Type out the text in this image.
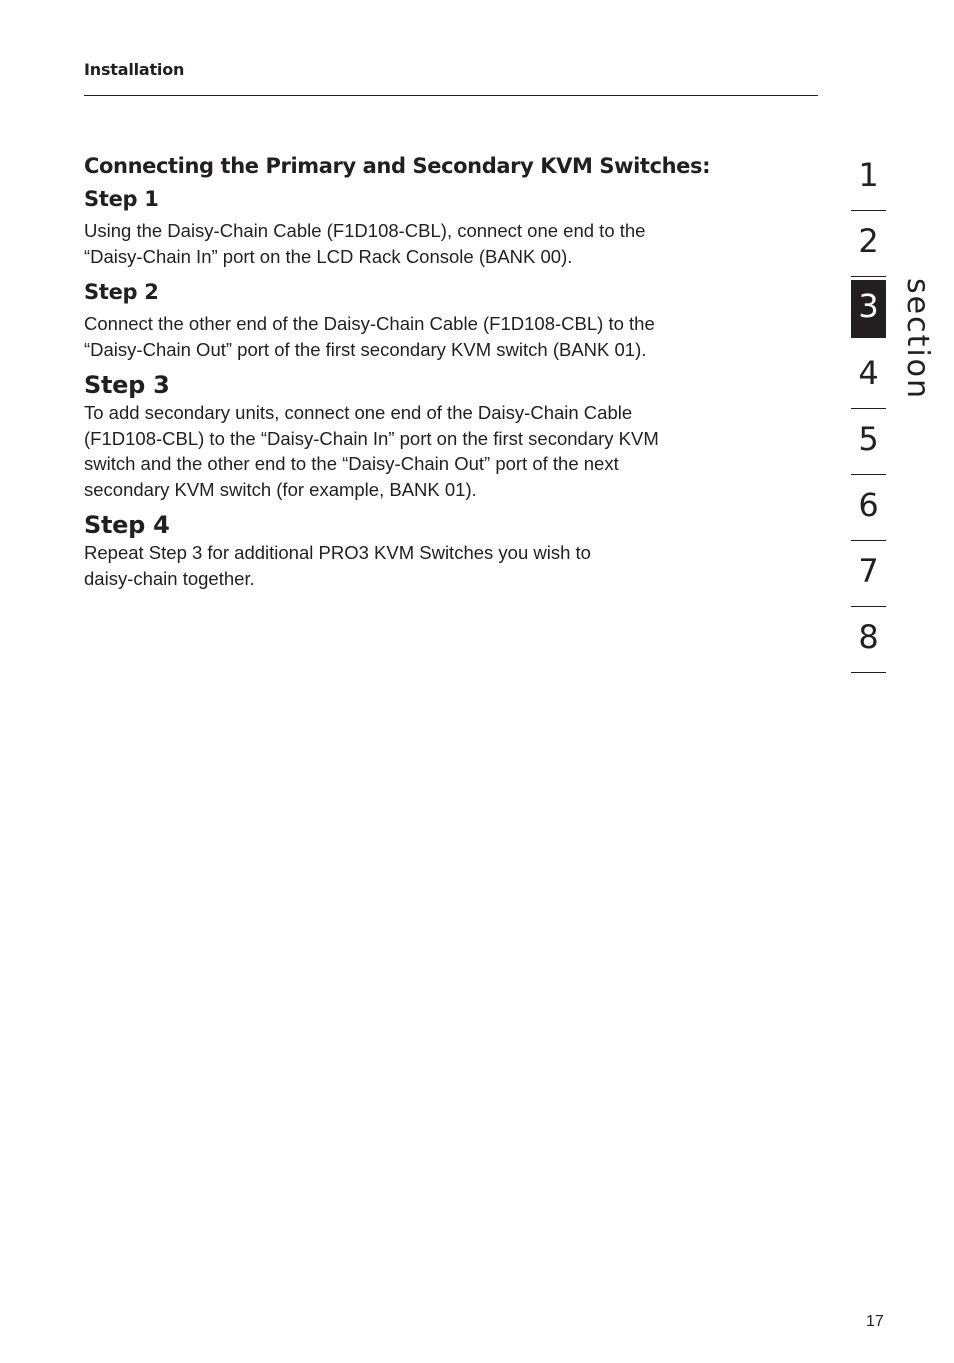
Installation
Connecting the Primary and Secondary KVM Switches:
Step 1

Using the Daisy-Chain Cable (F1D108-CBL), connect one end to the
“Daisy-Chain In” port on the LCD Rack Console (BANK 00).

Step 2

Connect the other end of the Daisy-Chain Cable (F1D108-CBL) to the
“Daisy-Chain Out” port of the first secondary KVM switch (BANK 01).

Step 3

To add secondary units, connect one end of the Daisy-Chain Cable
(F1D108-CBL) to the “Daisy-Chain In” port on the first secondary KVM
switch and the other end to the “Daisy-Chain Out” port of the next
secondary KVM switch (for example, BANK 01).

Step 4

Repeat Step 3 for additional PRO3 KVM Switches you wish to
daisy-chain together.

1
2
3
4
5
6
7
8
section
17
